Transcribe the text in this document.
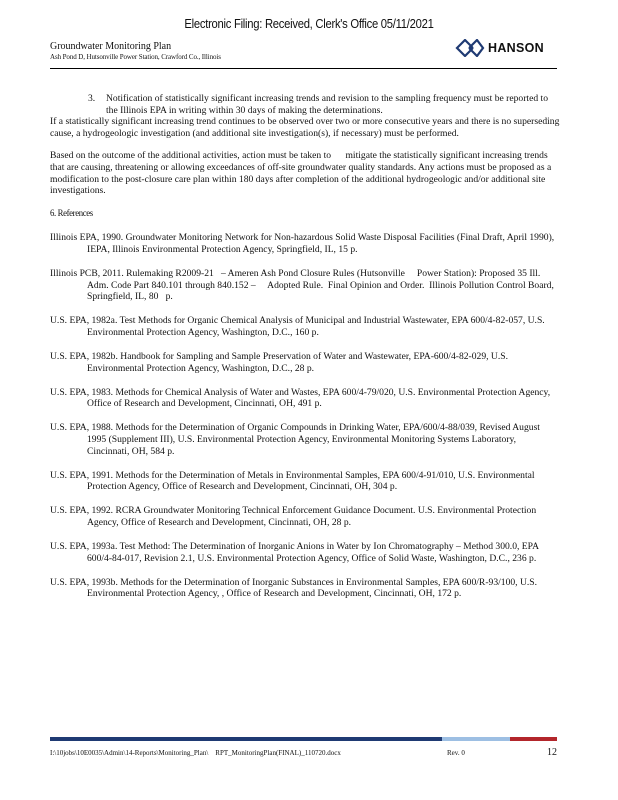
Electronic Filing: Received, Clerk's Office 05/11/2021
Groundwater Monitoring Plan
Ash Pond D, Hutsonville Power Station, Crawford Co., Illinois
HANSON
3.	Notification of statistically significant increasing trends and revision to the sampling frequency must be reported to the Illinois EPA in writing within 30 days of making the determinations.

If a statistically significant increasing trend continues to be observed over two or more consecutive years and there is no superseding cause, a hydrogeologic investigation (and additional site investigation(s), if necessary) must be performed.

Based on the outcome of the additional activities, action must be taken to      mitigate the statistically significant increasing trends that are causing, threatening or allowing exceedances of off-site groundwater quality standards. Any actions must be proposed as a modification to the post-closure care plan within 180 days after completion of the additional hydrogeologic and/or additional site investigations.

6. References
Illinois EPA, 1990. Groundwater Monitoring Network for Non-hazardous Solid Waste Disposal Facilities (Final Draft, April 1990), IEPA, Illinois Environmental Protection Agency, Springfield, IL, 15 p.
Illinois PCB, 2011. Rulemaking R2009-21   – Ameren Ash Pond Closure Rules (Hutsonville     Power Station): Proposed 35 Ill. Adm. Code Part 840.101 through 840.152 –     Adopted Rule.  Final Opinion and Order.  Illinois Pollution Control Board, Springfield, IL, 80   p.
U.S. EPA, 1982a. Test Methods for Organic Chemical Analysis of Municipal and Industrial Wastewater, EPA 600/4-82-057, U.S. Environmental Protection Agency, Washington, D.C., 160 p.
U.S. EPA, 1982b. Handbook for Sampling and Sample Preservation of Water and Wastewater, EPA-600/4-82-029, U.S. Environmental Protection Agency, Washington, D.C., 28 p.
U.S. EPA, 1983. Methods for Chemical Analysis of Water and Wastes, EPA 600/4-79/020, U.S. Environmental Protection Agency, Office of Research and Development, Cincinnati, OH, 491 p.
U.S. EPA, 1988. Methods for the Determination of Organic Compounds in Drinking Water, EPA/600/4-88/039, Revised August 1995 (Supplement III), U.S. Environmental Protection Agency, Environmental Monitoring Systems Laboratory, Cincinnati, OH, 584 p.
U.S. EPA, 1991. Methods for the Determination of Metals in Environmental Samples, EPA 600/4-91/010, U.S. Environmental Protection Agency, Office of Research and Development, Cincinnati, OH, 304 p.
U.S. EPA, 1992. RCRA Groundwater Monitoring Technical Enforcement Guidance Document. U.S. Environmental Protection Agency, Office of Research and Development, Cincinnati, OH, 28 p.
U.S. EPA, 1993a. Test Method: The Determination of Inorganic Anions in Water by Ion Chromatography – Method 300.0, EPA 600/4-84-017, Revision 2.1, U.S. Environmental Protection Agency, Office of Solid Waste, Washington, D.C., 236 p.
U.S. EPA, 1993b. Methods for the Determination of Inorganic Substances in Environmental Samples, EPA 600/R-93/100, U.S. Environmental Protection Agency, , Office of Research and Development, Cincinnati, OH, 172 p.
I:\10jobs\10E0035\Admin\14-Reports\Monitoring_Plan\    RPT_MonitoringPlan(FINAL)_110720.docx	Rev. 0	12
